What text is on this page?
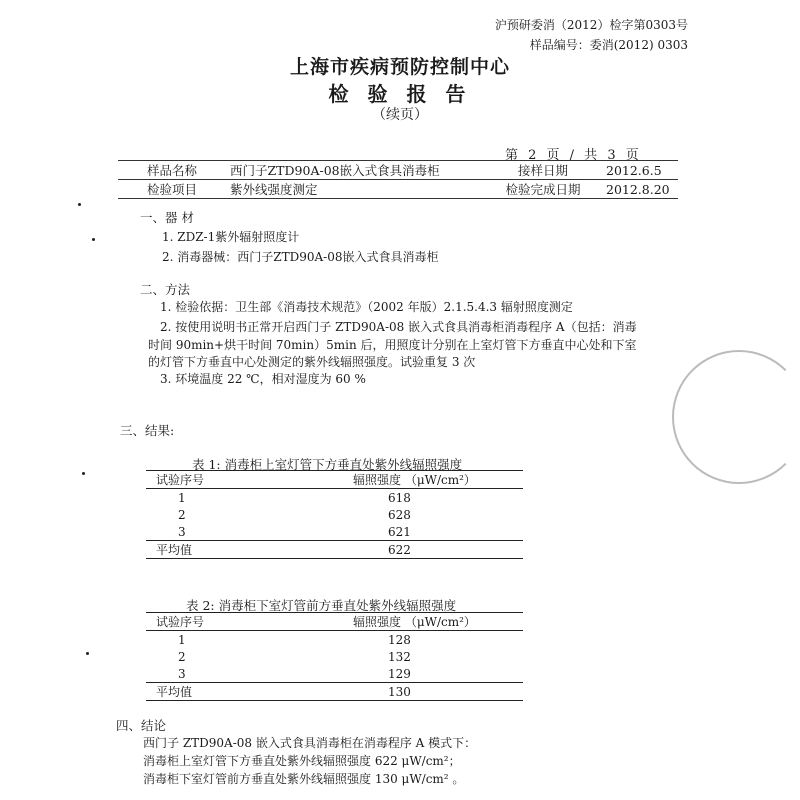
沪预研委消（2012）检字第0303号
样品编号：委消(2012) 0303
上海市疾病预防控制中心
检 验 报 告
（续页）
第 2 页 / 共 3 页
样品名称	西门子ZTD90A-08嵌入式食具消毒柜	接样日期	2012.6.5
检验项目	紫外线强度测定	检验完成日期	2012.8.20
一、器 材
1. ZDZ-1紫外辐射照度计
2. 消毒器械：西门子ZTD90A-08嵌入式食具消毒柜
二、方法
1. 检验依据：卫生部《消毒技术规范》（2002 年版）2.1.5.4.3 辐射照度测定
2. 按使用说明书正常开启西门子 ZTD90A-08 嵌入式食具消毒柜消毒程序 A（包括：消毒
时间 90min+烘干时间 70min）5min 后，用照度计分别在上室灯管下方垂直中心处和下室
的灯管下方垂直中心处测定的紫外线辐照强度。试验重复 3 次
3. 环境温度 22 ℃，相对湿度为 60 %
三、结果:
表 1: 消毒柜上室灯管下方垂直处紫外线辐照强度
试验序号	辐照强度 （μW/cm²）
1	618
2	628
3	621
平均值	622
表 2: 消毒柜下室灯管前方垂直处紫外线辐照强度
试验序号	辐照强度 （μW/cm²）
1	128
2	132
3	129
平均值	130
四、结论
西门子 ZTD90A-08 嵌入式食具消毒柜在消毒程序 A 模式下：
消毒柜上室灯管下方垂直处紫外线辐照强度 622 μW/cm²；
消毒柜下室灯管前方垂直处紫外线辐照强度 130 μW/cm² 。
